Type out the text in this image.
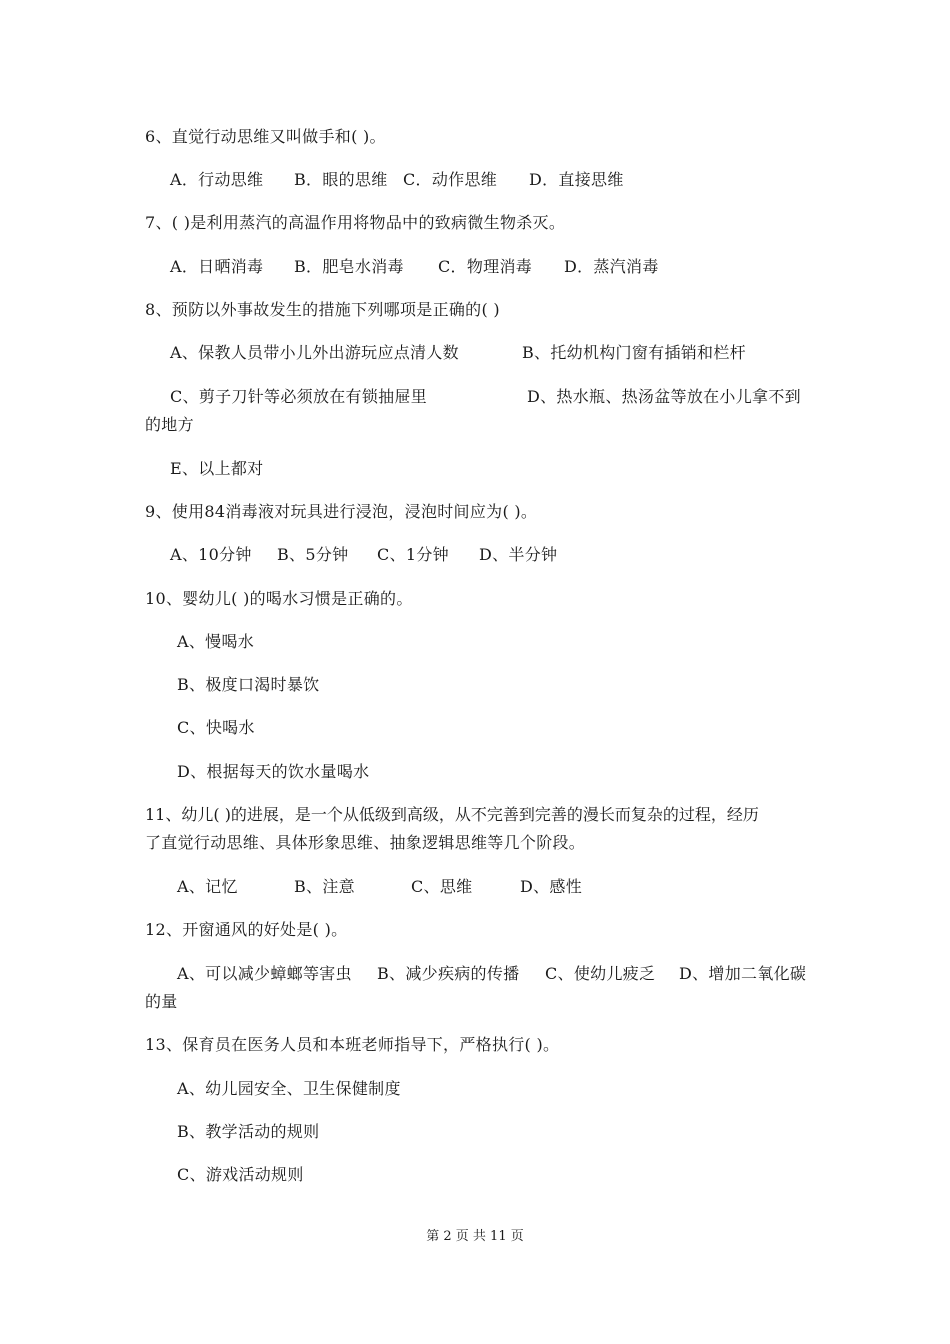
6、直觉行动思维又叫做手和( )。
A．行动思维 B．眼的思维 C．动作思维 D．直接思维
7、( )是利用蒸汽的高温作用将物品中的致病微生物杀灭。
A．日晒消毒 B．肥皂水消毒 C．物理消毒 D．蒸汽消毒
8、预防以外事故发生的措施下列哪项是正确的( )
A、保教人员带小儿外出游玩应点清人数	B、托幼机构门窗有插销和栏杆
C、剪子刀针等必须放在有锁抽屉里	D、热水瓶、热汤盆等放在小儿拿不到
的地方
E、以上都对
9、使用84消毒液对玩具进行浸泡，浸泡时间应为( )。
A、10分钟 B、5分钟 C、1分钟 D、半分钟
10、婴幼儿( )的喝水习惯是正确的。
A、慢喝水
B、极度口渴时暴饮
C、快喝水
D、根据每天的饮水量喝水
11、幼儿( )的进展，是一个从低级到高级，从不完善到完善的漫长而复杂的过程，经历
了直觉行动思维、具体形象思维、抽象逻辑思维等几个阶段。
A、记忆	B、注意	C、思维	D、感性
12、开窗通风的好处是( )。
A、可以减少蟑螂等害虫 B、减少疾病的传播 C、使幼儿疲乏 D、增加二氧化碳
的量
13、保育员在医务人员和本班老师指导下，严格执行( )。
A、幼儿园安全、卫生保健制度
B、教学活动的规则
C、游戏活动规则
第 2 页 共 11 页
